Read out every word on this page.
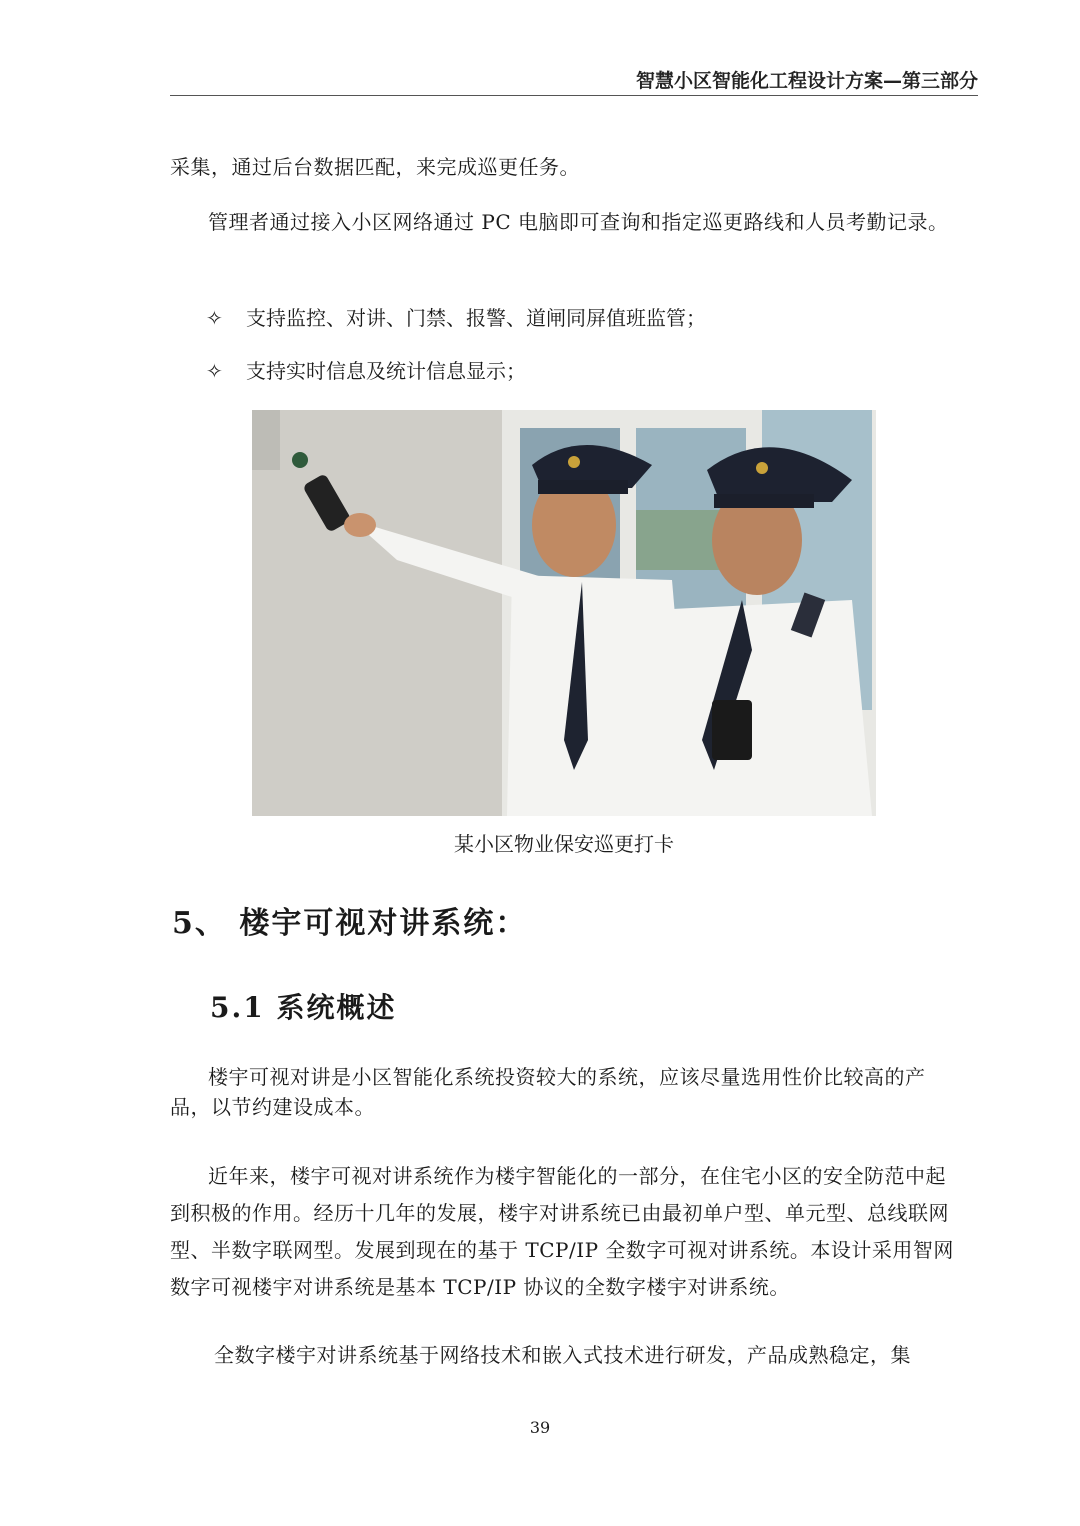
智慧小区智能化工程设计方案—第三部分
采集，通过后台数据匹配，来完成巡更任务。
管理者通过接入小区网络通过 PC 电脑即可查询和指定巡更路线和人员考勤记录。
✧ 支持监控、对讲、门禁、报警、道闸同屏值班监管；
✧ 支持实时信息及统计信息显示；
某小区物业保安巡更打卡
5、 楼宇可视对讲系统：
5.1 系统概述
楼宇可视对讲是小区智能化系统投资较大的系统，应该尽量选用性价比较高的产品，以节约建设成本。
近年来，楼宇可视对讲系统作为楼宇智能化的一部分，在住宅小区的安全防范中起到积极的作用。经历十几年的发展，楼宇对讲系统已由最初单户型、单元型、总线联网型、半数字联网型。发展到现在的基于 TCP/IP 全数字可视对讲系统。本设计采用智网数字可视楼宇对讲系统是基本 TCP/IP 协议的全数字楼宇对讲系统。
全数字楼宇对讲系统基于网络技术和嵌入式技术进行研发，产品成熟稳定，集
39
